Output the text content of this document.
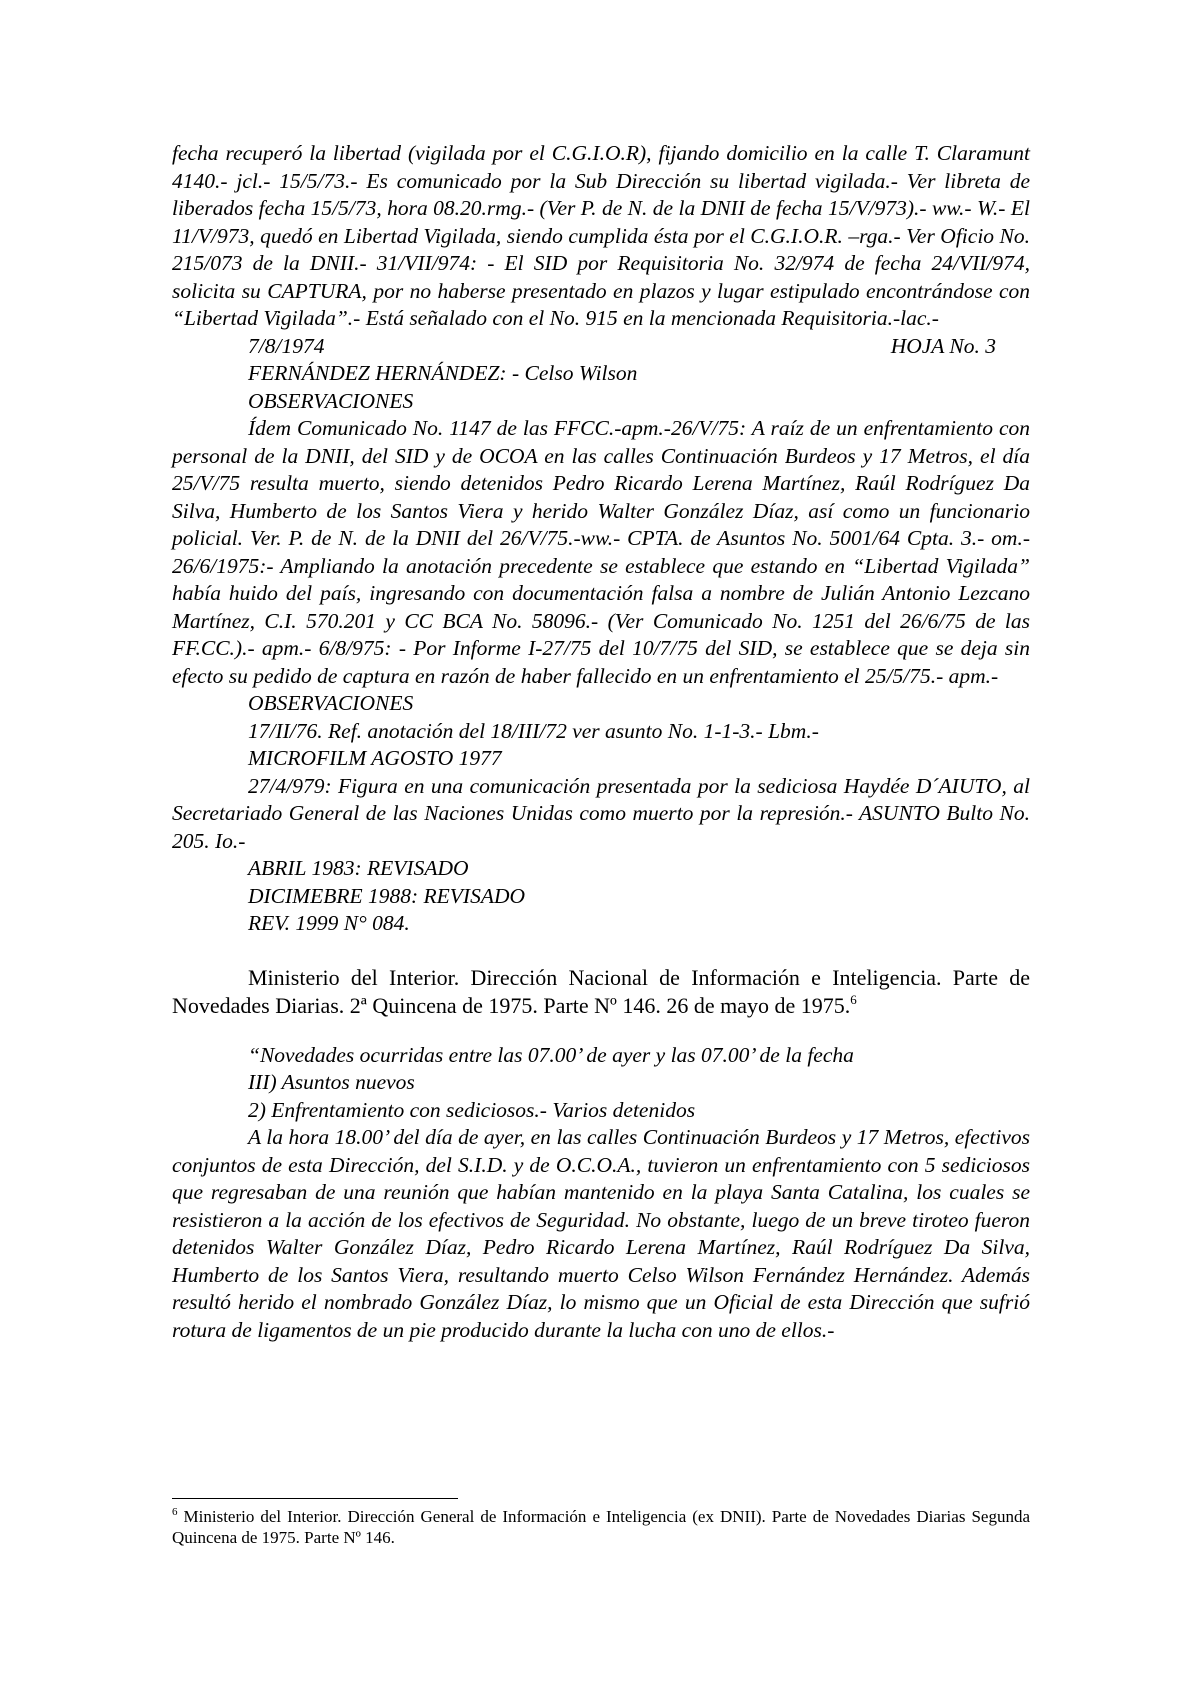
fecha recuperó la libertad (vigilada por el C.G.I.O.R), fijando domicilio en la calle T. Claramunt 4140.- jcl.- 15/5/73.- Es comunicado por la Sub Dirección su libertad vigilada.- Ver libreta de liberados fecha 15/5/73, hora 08.20.rmg.- (Ver P. de N. de la DNII de fecha 15/V/973).- ww.- W.- El 11/V/973, quedó en Libertad Vigilada, siendo cumplida ésta por el C.G.I.O.R. –rga.- Ver Oficio No. 215/073 de la DNII.- 31/VII/974: - El SID por Requisitoria No. 32/974 de fecha 24/VII/974, solicita su CAPTURA, por no haberse presentado en plazos y lugar estipulado encontrándose con “Libertad Vigilada”.- Está señalado con el No. 915 en la mencionada Requisitoria.-lac.-

7/8/1974	HOJA No. 3

FERNÁNDEZ HERNÁNDEZ: - Celso Wilson

OBSERVACIONES

Ídem Comunicado No. 1147 de las FFCC.-apm.-26/V/75: A raíz de un enfrentamiento con personal de la DNII, del SID y de OCOA en las calles Continuación Burdeos y 17 Metros, el día 25/V/75 resulta muerto, siendo detenidos Pedro Ricardo Lerena Martínez, Raúl Rodríguez Da Silva, Humberto de los Santos Viera y herido Walter González Díaz, así como un funcionario policial. Ver. P. de N. de la DNII del 26/V/75.-ww.- CPTA. de Asuntos No. 5001/64 Cpta. 3.- om.- 26/6/1975:- Ampliando la anotación precedente se establece que estando en “Libertad Vigilada” había huido del país, ingresando con documentación falsa a nombre de Julián Antonio Lezcano Martínez, C.I. 570.201 y CC BCA No. 58096.- (Ver Comunicado No. 1251 del 26/6/75 de las FF.CC.).- apm.- 6/8/975: - Por Informe I-27/75 del 10/7/75 del SID, se establece que se deja sin efecto su pedido de captura en razón de haber fallecido en un enfrentamiento el 25/5/75.- apm.-

OBSERVACIONES

17/II/76. Ref. anotación del 18/III/72 ver asunto No. 1-1-3.- Lbm.-

MICROFILM AGOSTO 1977

27/4/979: Figura en una comunicación presentada por la sediciosa Haydée D´AIUTO, al Secretariado General de las Naciones Unidas como muerto por la represión.- ASUNTO Bulto No. 205. Io.-

ABRIL 1983: REVISADO

DICIMEBRE 1988: REVISADO

REV. 1999 N° 084.

Ministerio del Interior. Dirección Nacional de Información e Inteligencia. Parte de Novedades Diarias. 2ª Quincena de 1975. Parte Nº 146. 26 de mayo de 1975.$^6$

“Novedades ocurridas entre las 07.00’ de ayer y las 07.00’ de la fecha

III) Asuntos nuevos

2) Enfrentamiento con sediciosos.- Varios detenidos

A la hora 18.00’ del día de ayer, en las calles Continuación Burdeos y 17 Metros, efectivos conjuntos de esta Dirección, del S.I.D. y de O.C.O.A., tuvieron un enfrentamiento con 5 sediciosos que regresaban de una reunión que habían mantenido en la playa Santa Catalina, los cuales se resistieron a la acción de los efectivos de Seguridad. No obstante, luego de un breve tiroteo fueron detenidos Walter González Díaz, Pedro Ricardo Lerena Martínez, Raúl Rodríguez Da Silva, Humberto de los Santos Viera, resultando muerto Celso Wilson Fernández Hernández. Además resultó herido el nombrado González Díaz, lo mismo que un Oficial de esta Dirección que sufrió rotura de ligamentos de un pie producido durante la lucha con uno de ellos.-

$^6$ Ministerio del Interior. Dirección General de Información e Inteligencia (ex DNII). Parte de Novedades Diarias Segunda Quincena de 1975. Parte Nº 146.
